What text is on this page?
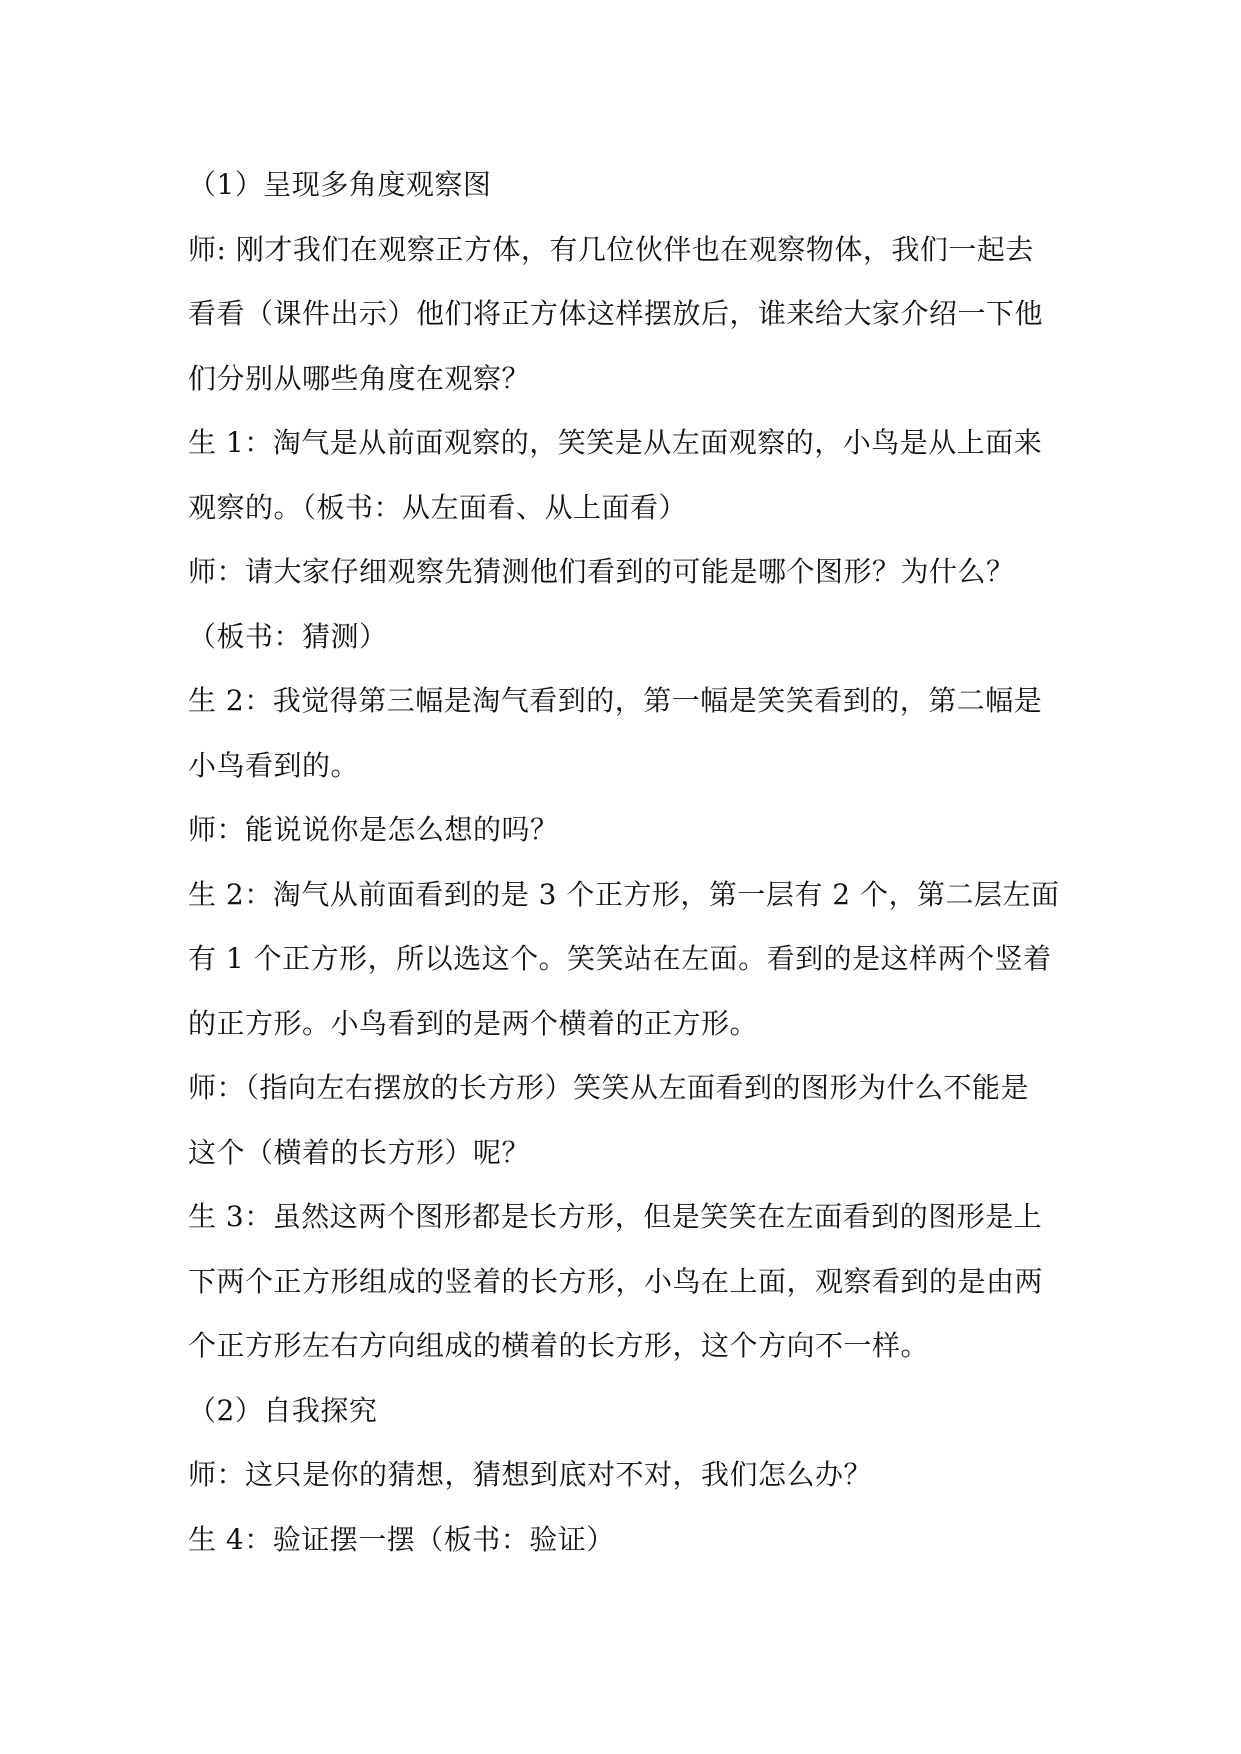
（1）呈现多角度观察图
师: 刚才我们在观察正方体，有几位伙伴也在观察物体，我们一起去
看看（课件出示）他们将正方体这样摆放后，谁来给大家介绍一下他
们分别从哪些角度在观察？
生 1：淘气是从前面观察的，笑笑是从左面观察的，小鸟是从上面来
观察的。（板书：从左面看、从上面看）
师：请大家仔细观察先猜测他们看到的可能是哪个图形？为什么？
（板书：猜测）
生 2：我觉得第三幅是淘气看到的，第一幅是笑笑看到的，第二幅是
小鸟看到的。
师：能说说你是怎么想的吗？
生 2：淘气从前面看到的是 3 个正方形，第一层有 2 个，第二层左面
有 1 个正方形，所以选这个。笑笑站在左面。看到的是这样两个竖着
的正方形。小鸟看到的是两个横着的正方形。
师：（指向左右摆放的长方形）笑笑从左面看到的图形为什么不能是
这个（横着的长方形）呢？
生 3：虽然这两个图形都是长方形，但是笑笑在左面看到的图形是上
下两个正方形组成的竖着的长方形，小鸟在上面，观察看到的是由两
个正方形左右方向组成的横着的长方形，这个方向不一样。
（2）自我探究
师：这只是你的猜想，猜想到底对不对，我们怎么办？
生 4：验证摆一摆（板书：验证）
